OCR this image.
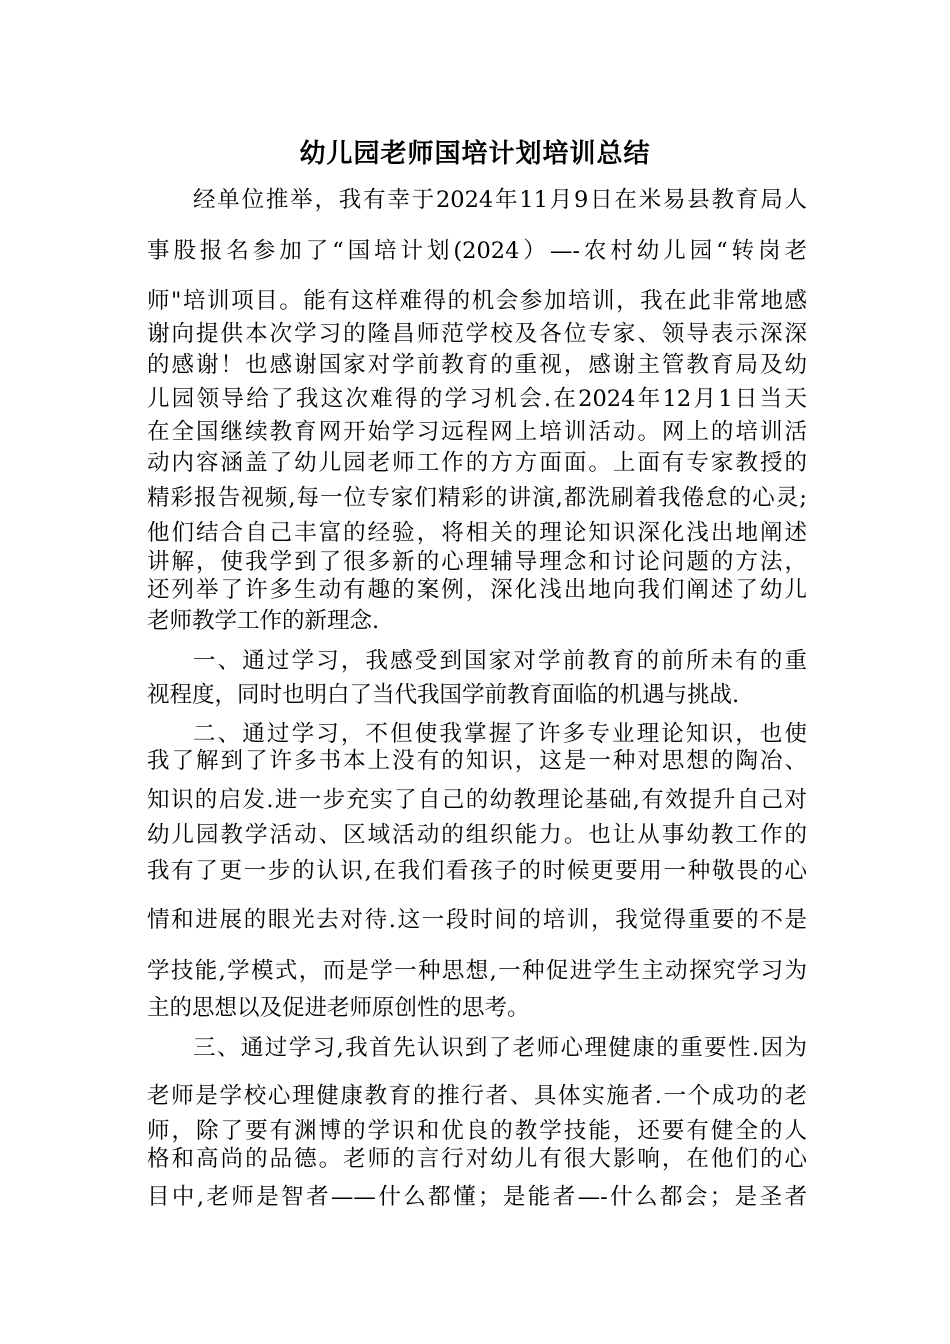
幼儿园老师国培计划培训总结
经单位推举，我有幸于2024年11月9日在米易县教育局人
事股报名参加了“国培计划(2024）—-农村幼儿园“转岗老
师"培训项目。能有这样难得的机会参加培训，我在此非常地感
谢向提供本次学习的隆昌师范学校及各位专家、领导表示深深
的感谢！也感谢国家对学前教育的重视，感谢主管教育局及幼
儿园领导给了我这次难得的学习机会.在2024年12月1日当天
在全国继续教育网开始学习远程网上培训活动。网上的培训活
动内容涵盖了幼儿园老师工作的方方面面。上面有专家教授的
精彩报告视频,每一位专家们精彩的讲演,都洗刷着我倦怠的心灵;
他们结合自己丰富的经验，将相关的理论知识深化浅出地阐述
讲解，使我学到了很多新的心理辅导理念和讨论问题的方法，
还列举了许多生动有趣的案例，深化浅出地向我们阐述了幼儿
老师教学工作的新理念.
一、通过学习，我感受到国家对学前教育的前所未有的重
视程度，同时也明白了当代我国学前教育面临的机遇与挑战.
二、通过学习，不但使我掌握了许多专业理论知识，也使
我了解到了许多书本上没有的知识，这是一种对思想的陶冶、
知识的启发.进一步充实了自己的幼教理论基础,有效提升自己对
幼儿园教学活动、区域活动的组织能力。也让从事幼教工作的
我有了更一步的认识,在我们看孩子的时候更要用一种敬畏的心
情和进展的眼光去对待.这一段时间的培训，我觉得重要的不是
学技能,学模式，而是学一种思想,一种促进学生主动探究学习为
主的思想以及促进老师原创性的思考。
三、通过学习,我首先认识到了老师心理健康的重要性.因为
老师是学校心理健康教育的推行者、具体实施者.一个成功的老
师，除了要有渊博的学识和优良的教学技能，还要有健全的人
格和高尚的品德。老师的言行对幼儿有很大影响，在他们的心
目中,老师是智者——什么都懂；是能者—-什么都会；是圣者
